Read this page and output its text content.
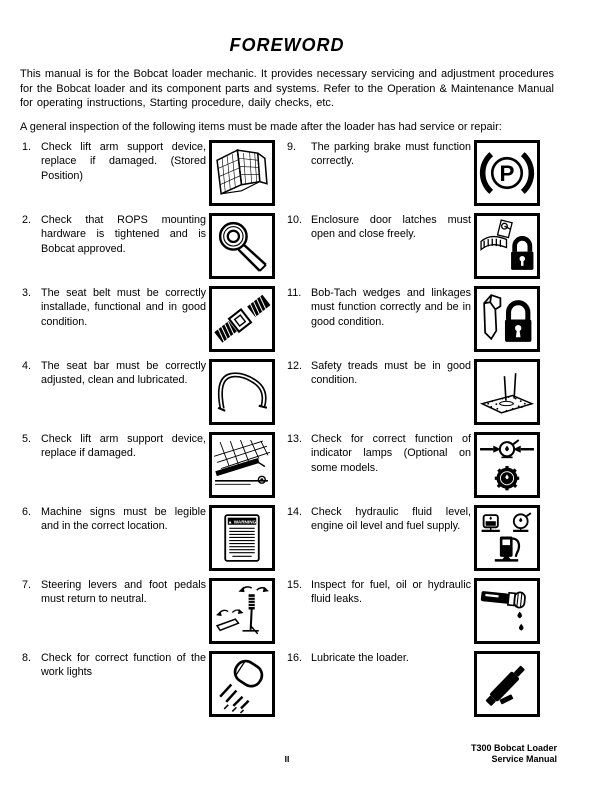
FOREWORD

This manual is for the Bobcat loader mechanic. It provides necessary servicing and adjustment procedures for the Bobcat loader and its component parts and systems. Refer to the Operation & Maintenance Manual for operating instructions, Starting procedure, daily checks, etc.

A general inspection of the following items must be made after the loader has had service or repair:

1. Check lift arm support device, replace if damaged. (Stored Position)
2. Check that ROPS mounting hardware is tightened and is Bobcat approved.
3. The seat belt must be correctly installade, functional and in good condition.
4. The seat bar must be correctly adjusted, clean and lubricated.
5. Check lift arm support device, replace if damaged.
6. Machine signs must be legible and in the correct location.	▲ WARNING
7. Steering levers and foot pedals must return to neutral.
8. Check for correct function of the work lights
9.	The parking brake must function correctly.	P
10. Enclosure door latches must open and close freely.
11. Bob-Tach wedges and linkages must function correctly and be in good condition.
12. Safety treads must be in good condition.
13. Check for correct function of indicator lamps (Optional on some models.
14. Check hydraulic fluid level, engine oil level and fuel supply.
15. Inspect for fuel, oil or hydraulic fluid leaks.
16. Lubricate the loader.
T300 Bobcat Loader
Service Manual
II
